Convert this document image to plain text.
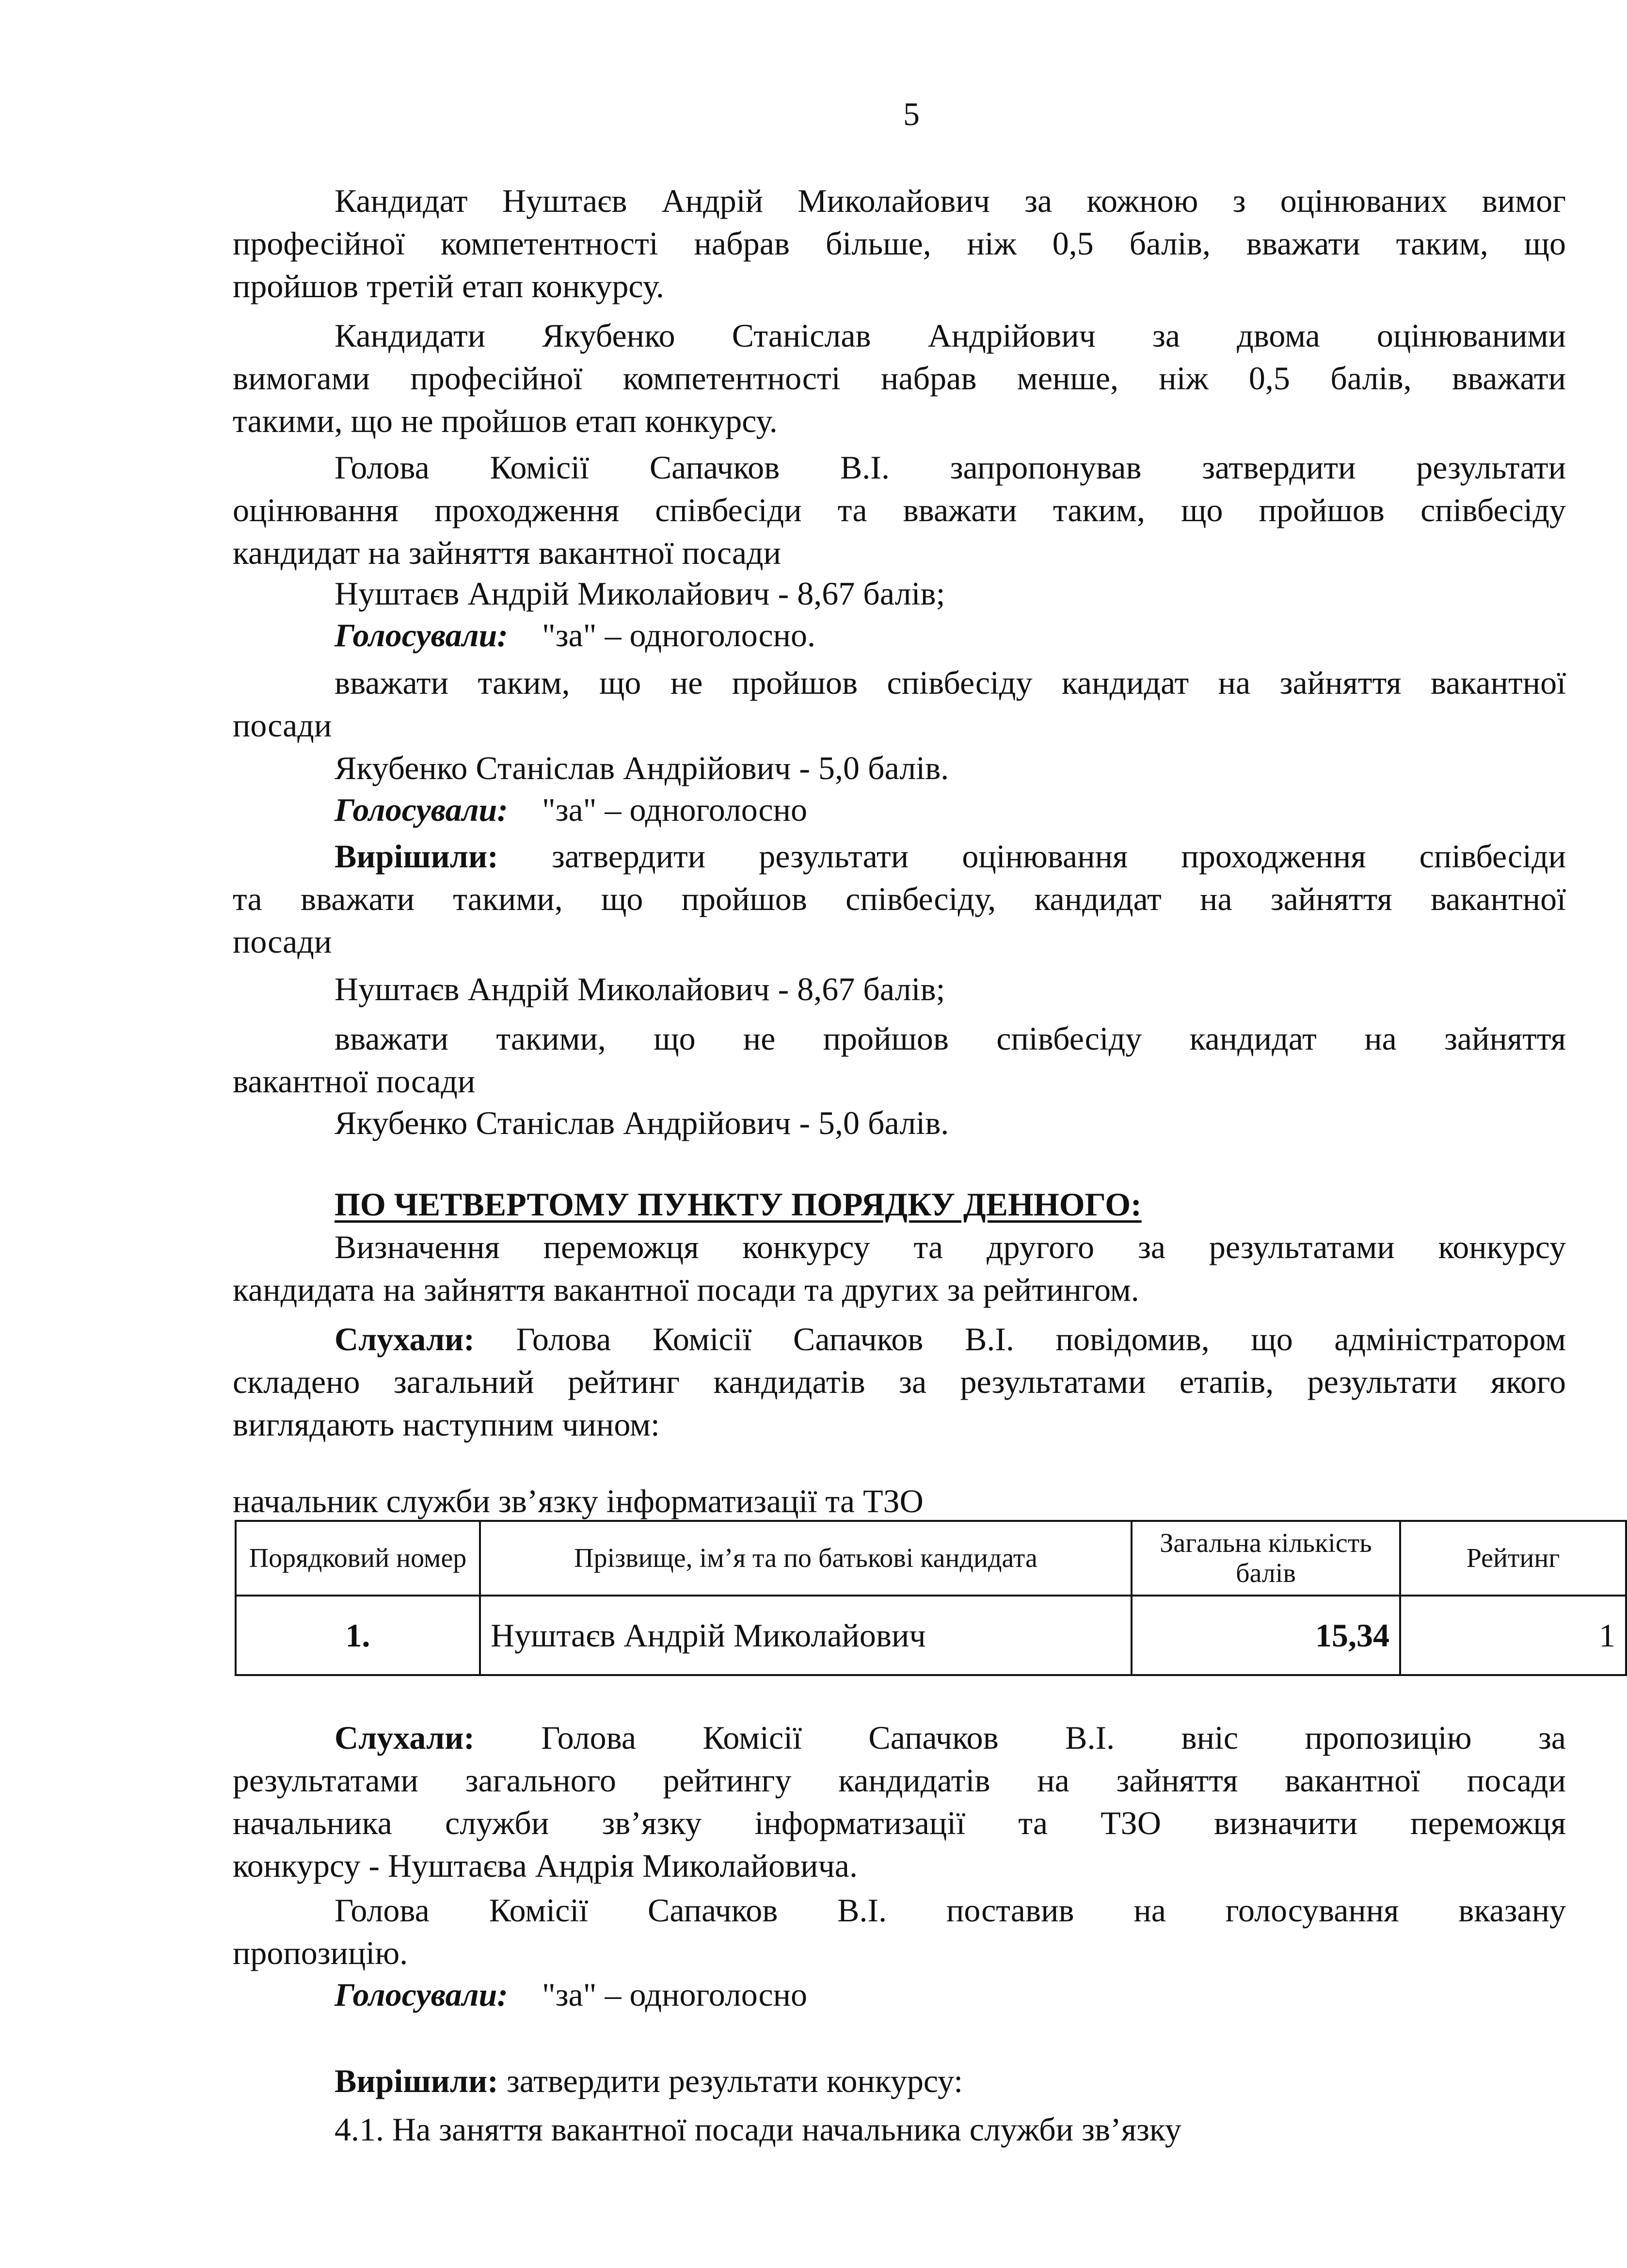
5
Кандидат Нуштаєв Андрій Миколайович за кожною з оцінюваних вимог
професійної компетентності набрав більше, ніж 0,5 балів, вважати таким, що
пройшов третій етап конкурсу.
Кандидати Якубенко Станіслав Андрійович за двома оцінюваними
вимогами професійної компетентності набрав менше, ніж 0,5 балів, вважати
такими, що не пройшов етап конкурсу.
Голова Комісії Сапачков В.І. запропонував затвердити результати
оцінювання проходження співбесіди та вважати таким, що пройшов співбесіду
кандидат на зайняття вакантної посади
Нуштаєв Андрій Миколайович - 8,67 балів;
Голосували: "за" – одноголосно.
вважати таким, що не пройшов співбесіду кандидат на зайняття вакантної
посади
Якубенко Станіслав Андрійович - 5,0 балів.
Голосували: "за" – одноголосно
Вирішили: затвердити результати оцінювання проходження співбесіди
та вважати такими, що пройшов співбесіду, кандидат на зайняття вакантної
посади
Нуштаєв Андрій Миколайович - 8,67 балів;
вважати такими, що не пройшов співбесіду кандидат на зайняття
вакантної посади
Якубенко Станіслав Андрійович - 5,0 балів.
ПО ЧЕТВЕРТОМУ ПУНКТУ ПОРЯДКУ ДЕННОГО:
Визначення переможця конкурсу та другого за результатами конкурсу
кандидата на зайняття вакантної посади та других за рейтингом.
Слухали: Голова Комісії Сапачков В.І. повідомив, що адміністратором
складено загальний рейтинг кандидатів за результатами етапів, результати якого
виглядають наступним чином:
начальник служби зв’язку інформатизації та ТЗО
Порядковий номер	Прізвище, ім’я та по батькові кандидата	Загальна кількість балів	Рейтинг
1.	Нуштаєв Андрій Миколайович	15,34	1
Слухали: Голова Комісії Сапачков В.І. вніс пропозицію за
результатами загального рейтингу кандидатів на зайняття вакантної посади
начальника служби зв’язку інформатизації та ТЗО визначити переможця
конкурсу - Нуштаєва Андрія Миколайовича.
Голова Комісії Сапачков В.І. поставив на голосування вказану
пропозицію.
Голосували: "за" – одноголосно
Вирішили: затвердити результати конкурсу:
4.1. На заняття вакантної посади начальника служби зв’язку
